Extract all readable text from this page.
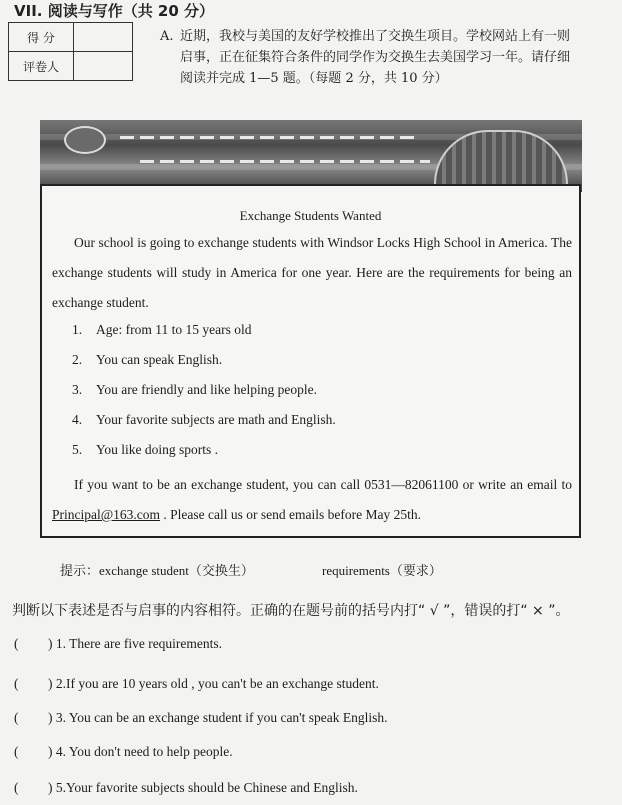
VII. 阅读与写作（共 20 分）
得 分	
评卷人	
A. 近期，我校与美国的友好学校推出了交换生项目。学校网站上有一则
启事，正在征集符合条件的同学作为交换生去美国学习一年。请仔细
阅读并完成 1—5 题。（每题 2 分，共 10 分）
Exchange Students Wanted
Our school is going to exchange students with Windsor Locks High School in America. The exchange students will study in America for one year. Here are the requirements for being an exchange student.
1. Age: from 11 to 15 years old
2. You can speak English.
3. You are friendly and like helping people.
4. Your favorite subjects are math and English.
5. You like doing sports .
If you want to be an exchange student, you can call 0531—82061100 or write an email to Principal@163.com . Please call us or send emails before May 25th.
提示：exchange student（交换生）	requirements（要求）
判断以下表述是否与启事的内容相符。正确的在题号前的括号内打“ √ ”，错误的打“ × ”。
( ) 1. There are five requirements.
( ) 2.If you are 10 years old , you can't be an exchange student.
( ) 3. You can be an exchange student if you can't speak English.
( ) 4. You don't need to help people.
( ) 5.Your favorite subjects should be Chinese and English.
